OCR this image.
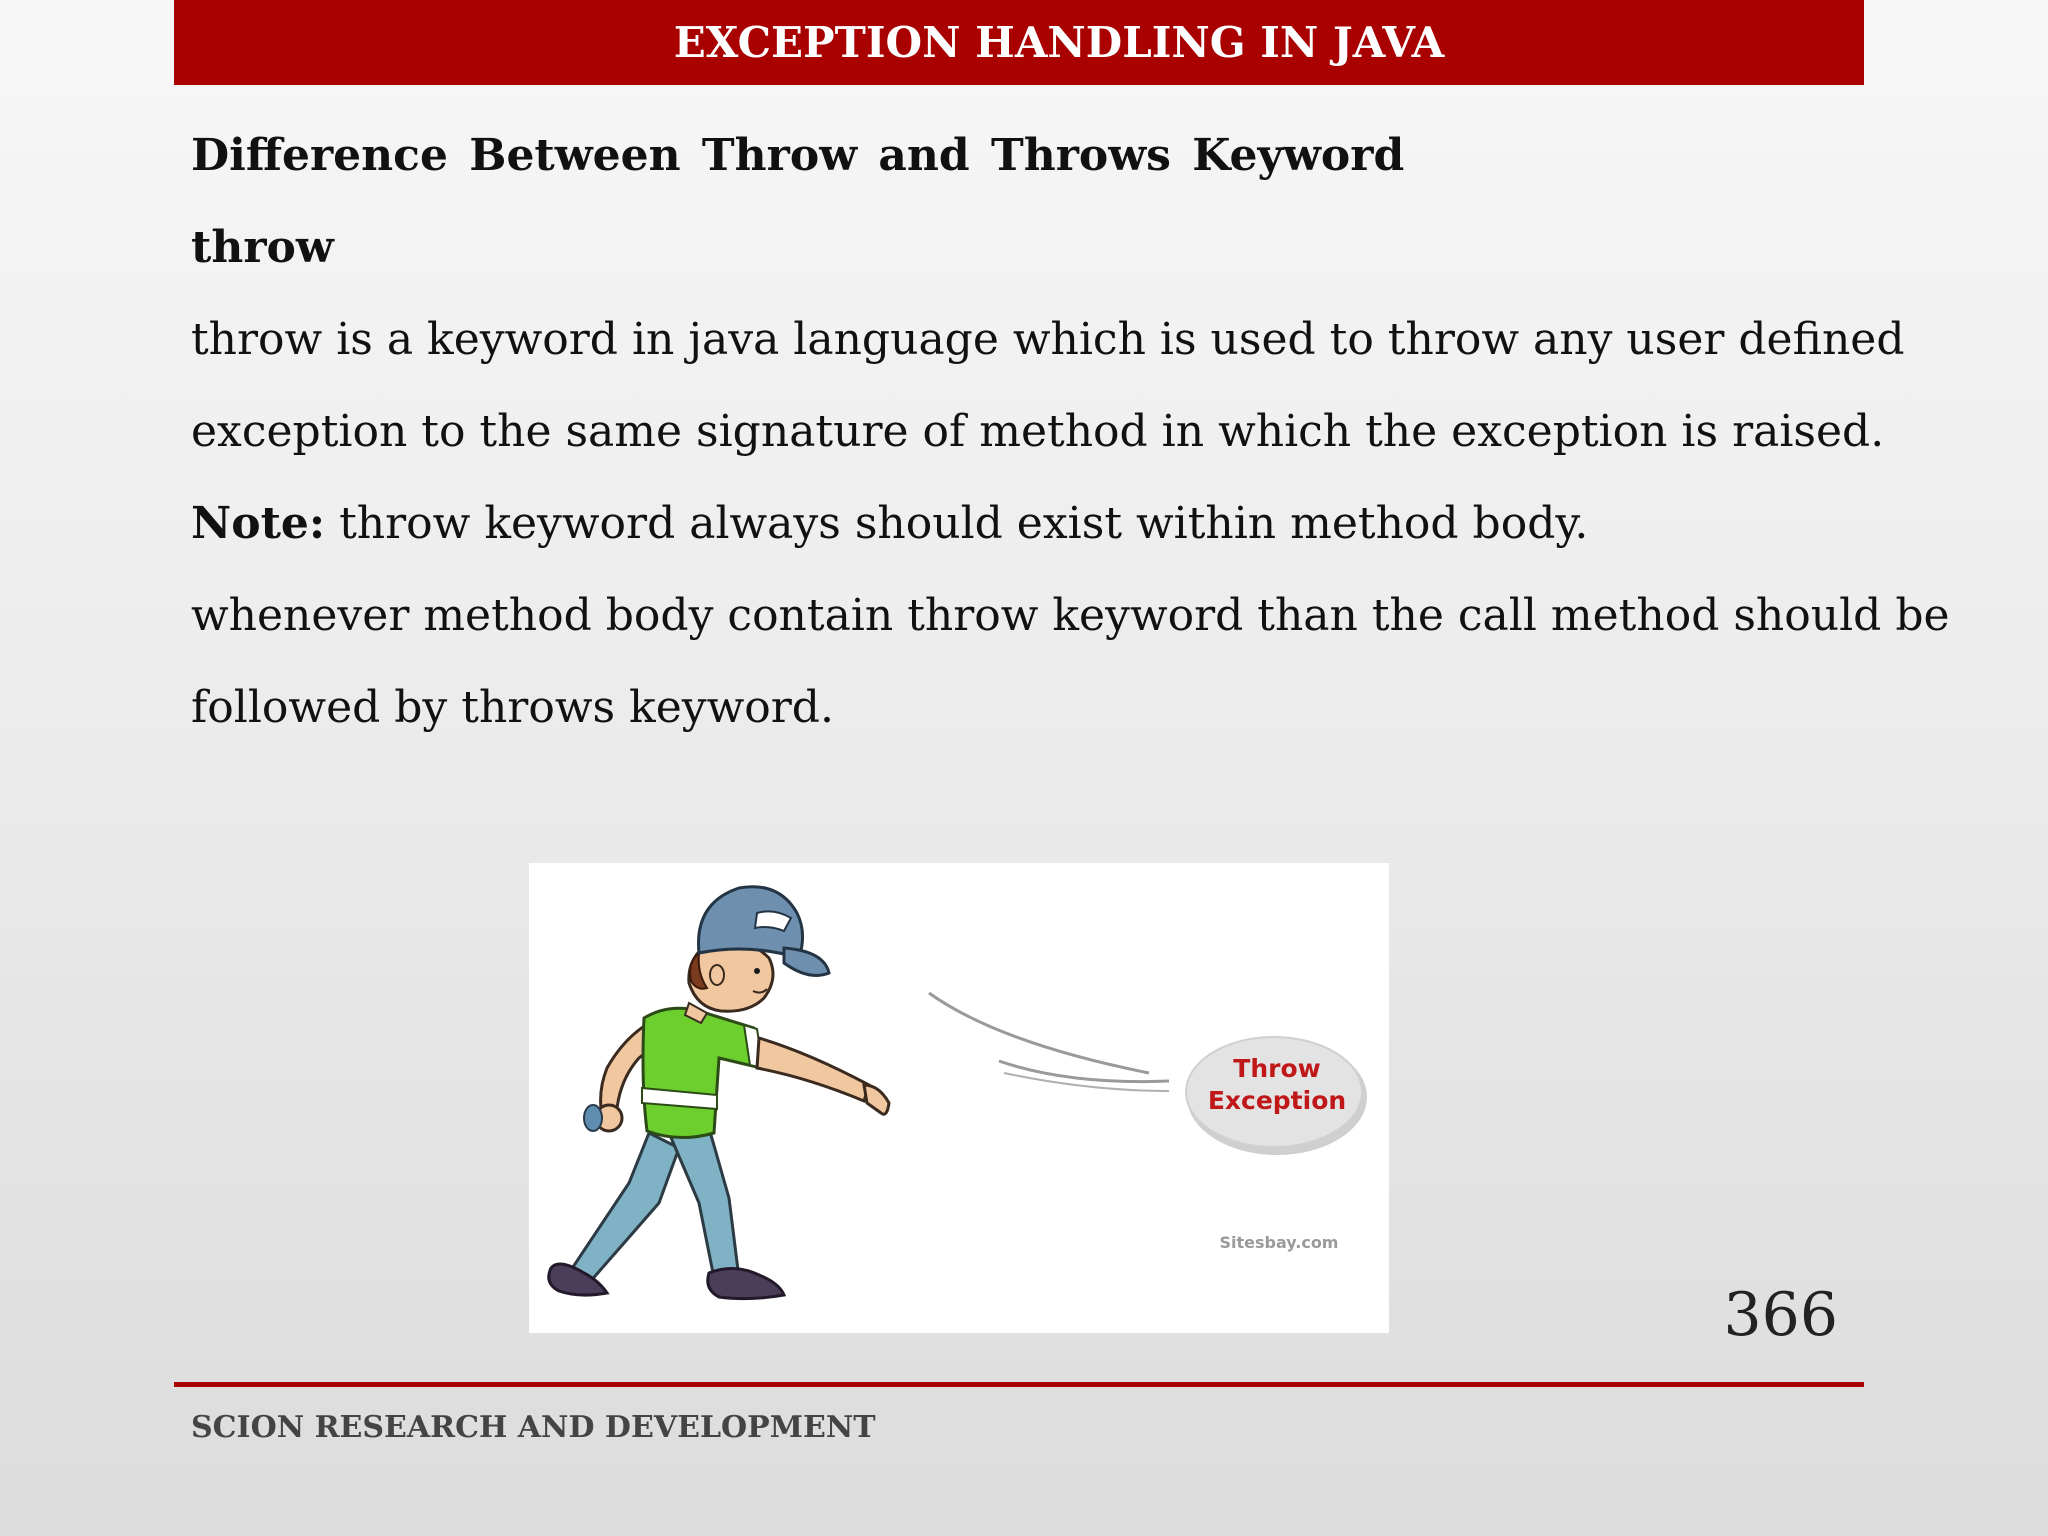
EXCEPTION HANDLING IN JAVA
Difference Between Throw and Throws Keyword
throw
throw is a keyword in java language which is used to throw any user defined
exception to the same signature of method in which the exception is raised.
Note: throw keyword always should exist within method body.
whenever method body contain throw keyword than the call method should be
followed by throws keyword.
Throw
Exception
Sitesbay.com
366
SCION RESEARCH AND DEVELOPMENT
